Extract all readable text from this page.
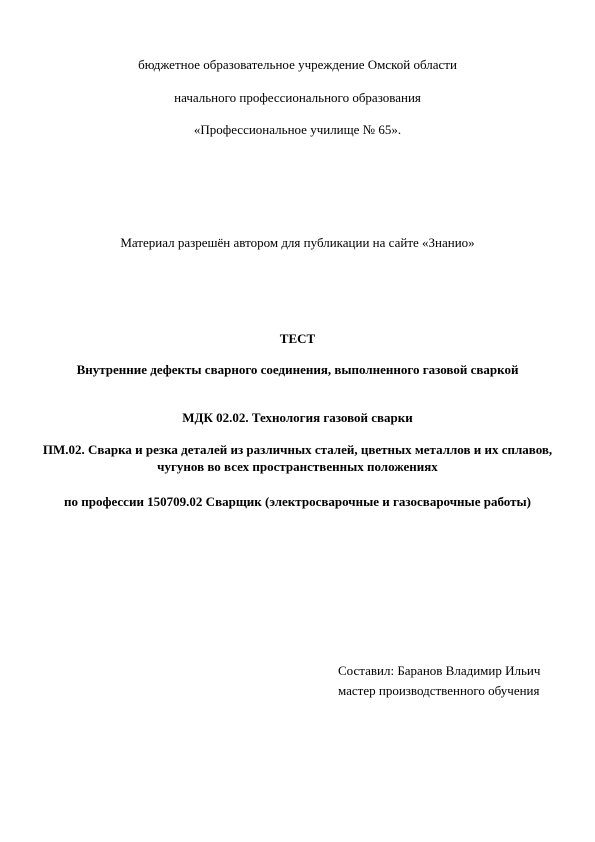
бюджетное образовательное учреждение Омской области
начального профессионального образования
«Профессиональное училище № 65».
Материал разрешён автором для публикации на сайте «Знанио»
ТЕСТ
Внутренние дефекты сварного соединения, выполненного газовой сваркой
МДК 02.02. Технология газовой сварки
ПМ.02. Сварка и резка деталей из различных сталей, цветных металлов и их сплавов, чугунов во всех пространственных положениях
по профессии 150709.02 Сварщик (электросварочные и газосварочные работы)
Составил: Баранов Владимир Ильич
мастер производственного обучения
